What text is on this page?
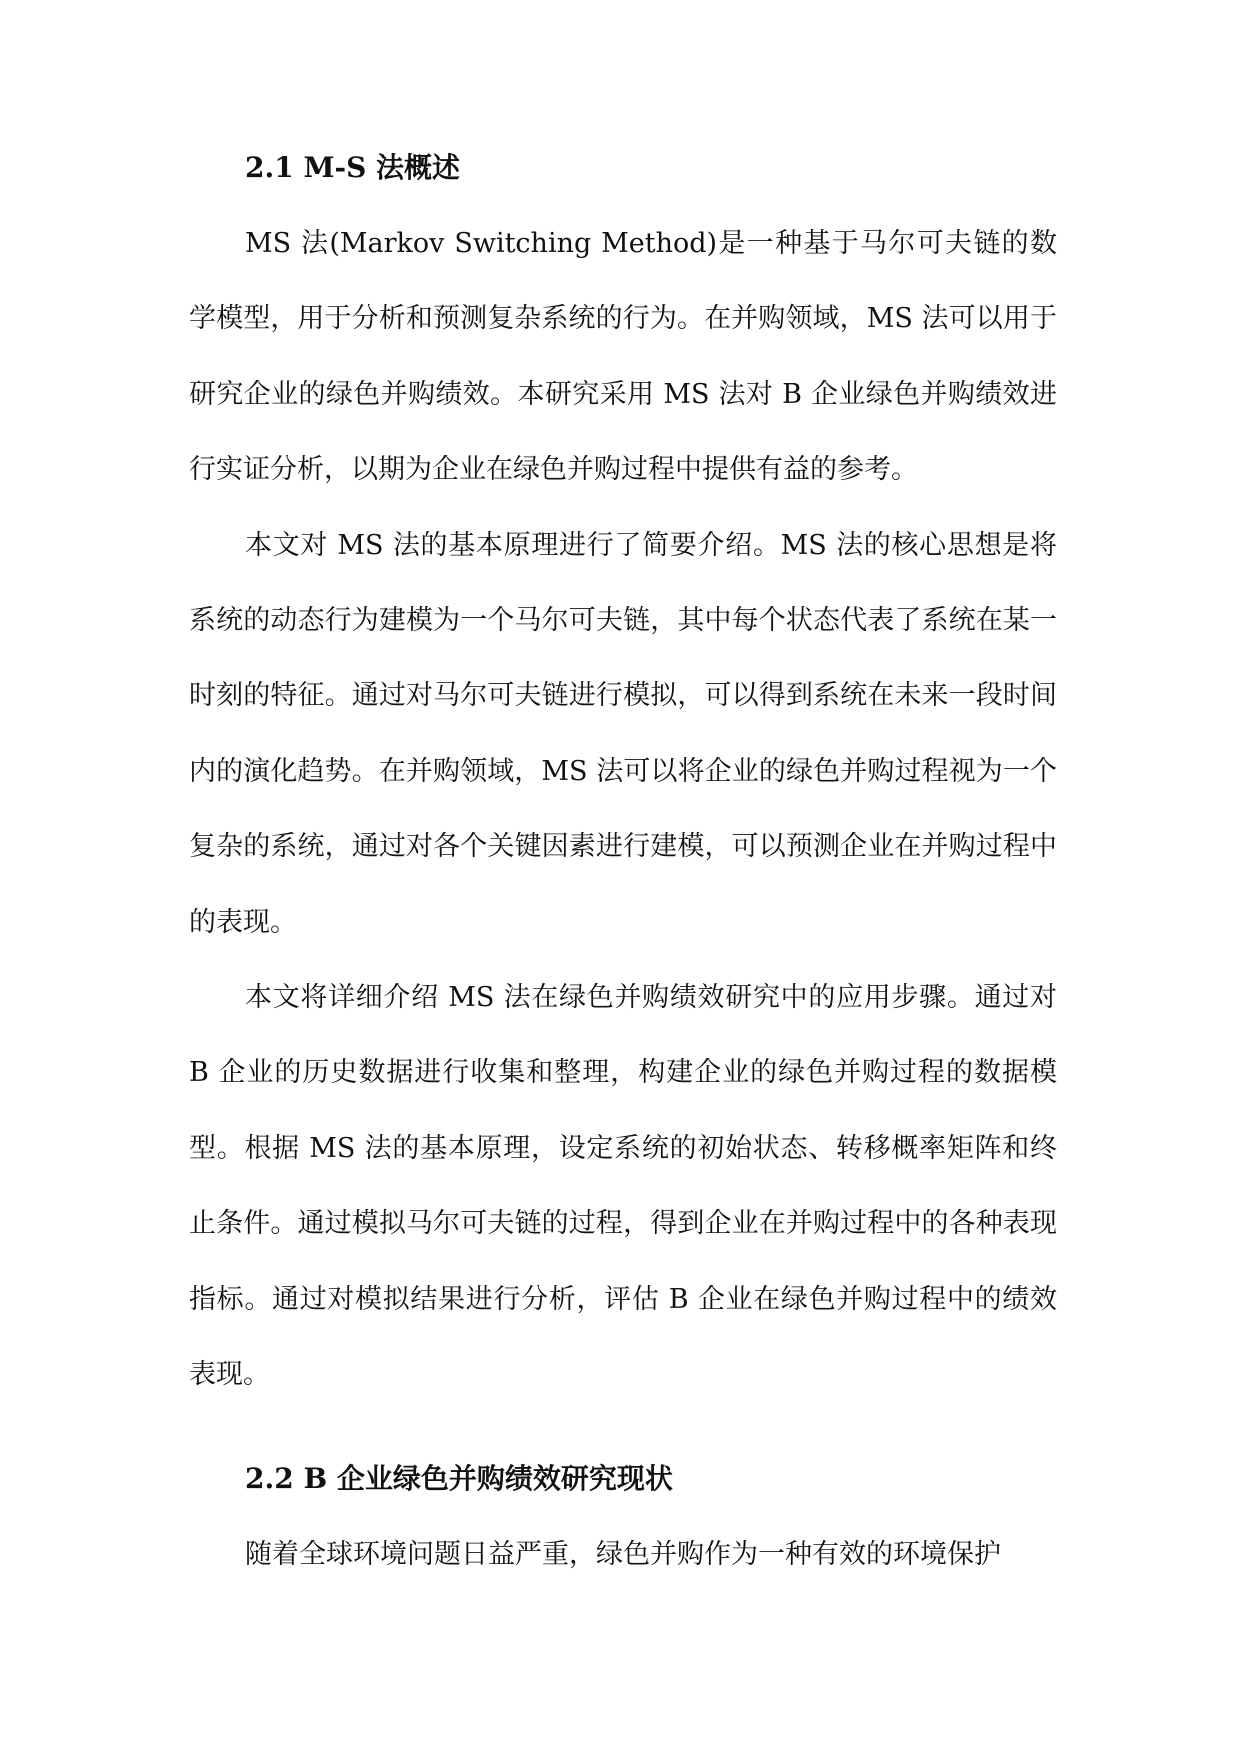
2.1 M-S 法概述

MS 法(Markov Switching Method)是一种基于马尔可夫链的数学模型，用于分析和预测复杂系统的行为。在并购领域，MS 法可以用于研究企业的绿色并购绩效。本研究采用 MS 法对 B 企业绿色并购绩效进行实证分析，以期为企业在绿色并购过程中提供有益的参考。

本文对 MS 法的基本原理进行了简要介绍。MS 法的核心思想是将系统的动态行为建模为一个马尔可夫链，其中每个状态代表了系统在某一时刻的特征。通过对马尔可夫链进行模拟，可以得到系统在未来一段时间内的演化趋势。在并购领域，MS 法可以将企业的绿色并购过程视为一个复杂的系统，通过对各个关键因素进行建模，可以预测企业在并购过程中的表现。

本文将详细介绍 MS 法在绿色并购绩效研究中的应用步骤。通过对 B 企业的历史数据进行收集和整理，构建企业的绿色并购过程的数据模型。根据 MS 法的基本原理，设定系统的初始状态、转移概率矩阵和终止条件。通过模拟马尔可夫链的过程，得到企业在并购过程中的各种表现指标。通过对模拟结果进行分析，评估 B 企业在绿色并购过程中的绩效表现。

2.2 B 企业绿色并购绩效研究现状

随着全球环境问题日益严重，绿色并购作为一种有效的环境保护
